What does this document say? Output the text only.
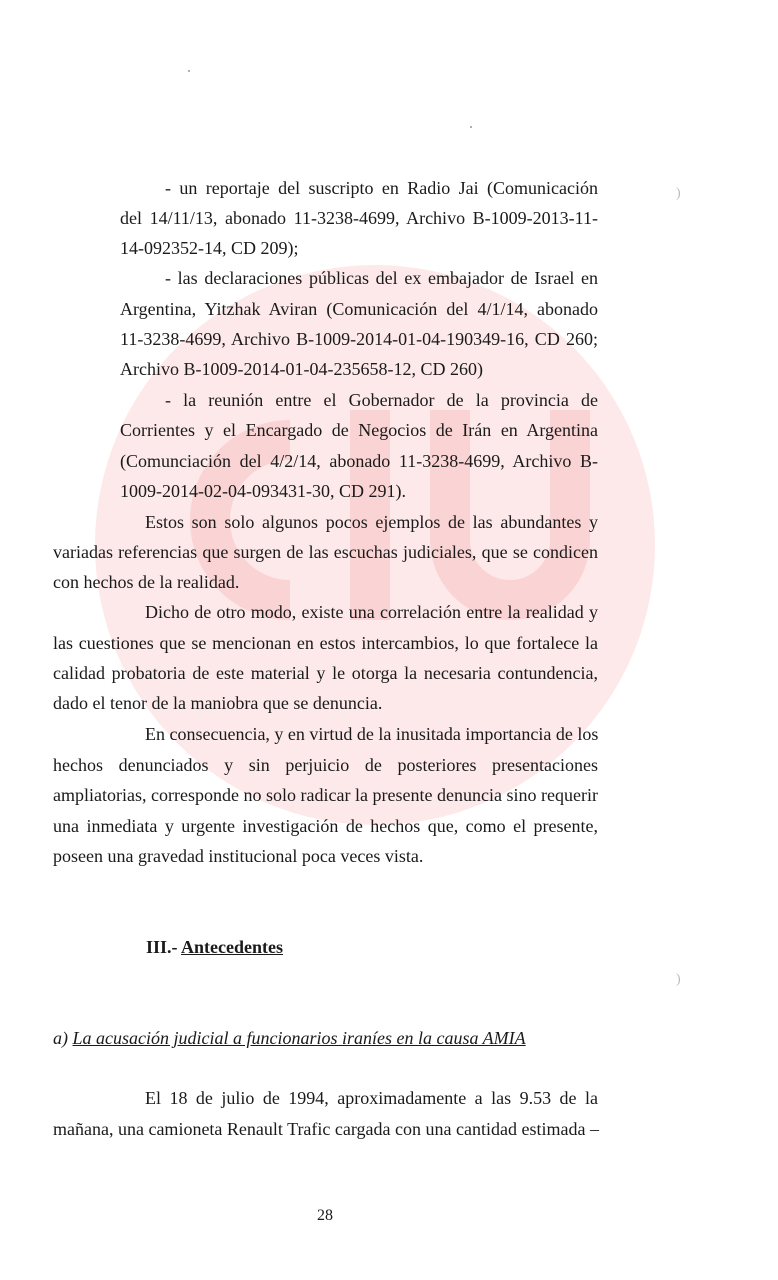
)
)
- un reportaje del suscripto en Radio Jai (Comunicación
del 14/11/13, abonado 11-3238-4699, Archivo B-1009-2013-11-
14-092352-14, CD 209);
- las declaraciones públicas del ex embajador de Israel en
Argentina, Yitzhak Aviran (Comunicación del 4/1/14, abonado
11-3238-4699, Archivo B-1009-2014-01-04-190349-16, CD 260;
Archivo B-1009-2014-01-04-235658-12, CD 260)
- la reunión entre el Gobernador de la provincia de
Corrientes y el Encargado de Negocios de Irán en Argentina
(Comunciación del 4/2/14, abonado 11-3238-4699, Archivo B-
1009-2014-02-04-093431-30, CD 291).
Estos son solo algunos pocos ejemplos de las abundantes y
variadas referencias que surgen de las escuchas judiciales, que se condicen
con hechos de la realidad.
Dicho de otro modo, existe una correlación entre la realidad y
las cuestiones que se mencionan en estos intercambios, lo que fortalece la
calidad probatoria de este material y le otorga la necesaria contundencia,
dado el tenor de la maniobra que se denuncia.
En consecuencia, y en virtud de la inusitada importancia de los
hechos denunciados y sin perjuicio de posteriores presentaciones
ampliatorias, corresponde no solo radicar la presente denuncia sino requerir
una inmediata y urgente investigación de hechos que, como el presente,
poseen una gravedad institucional poca veces vista.
III.- Antecedentes
a) La acusación judicial a funcionarios iraníes en la causa AMIA
El 18 de julio de 1994, aproximadamente a las 9.53 de la
mañana, una camioneta Renault Trafic cargada con una cantidad estimada –
28
